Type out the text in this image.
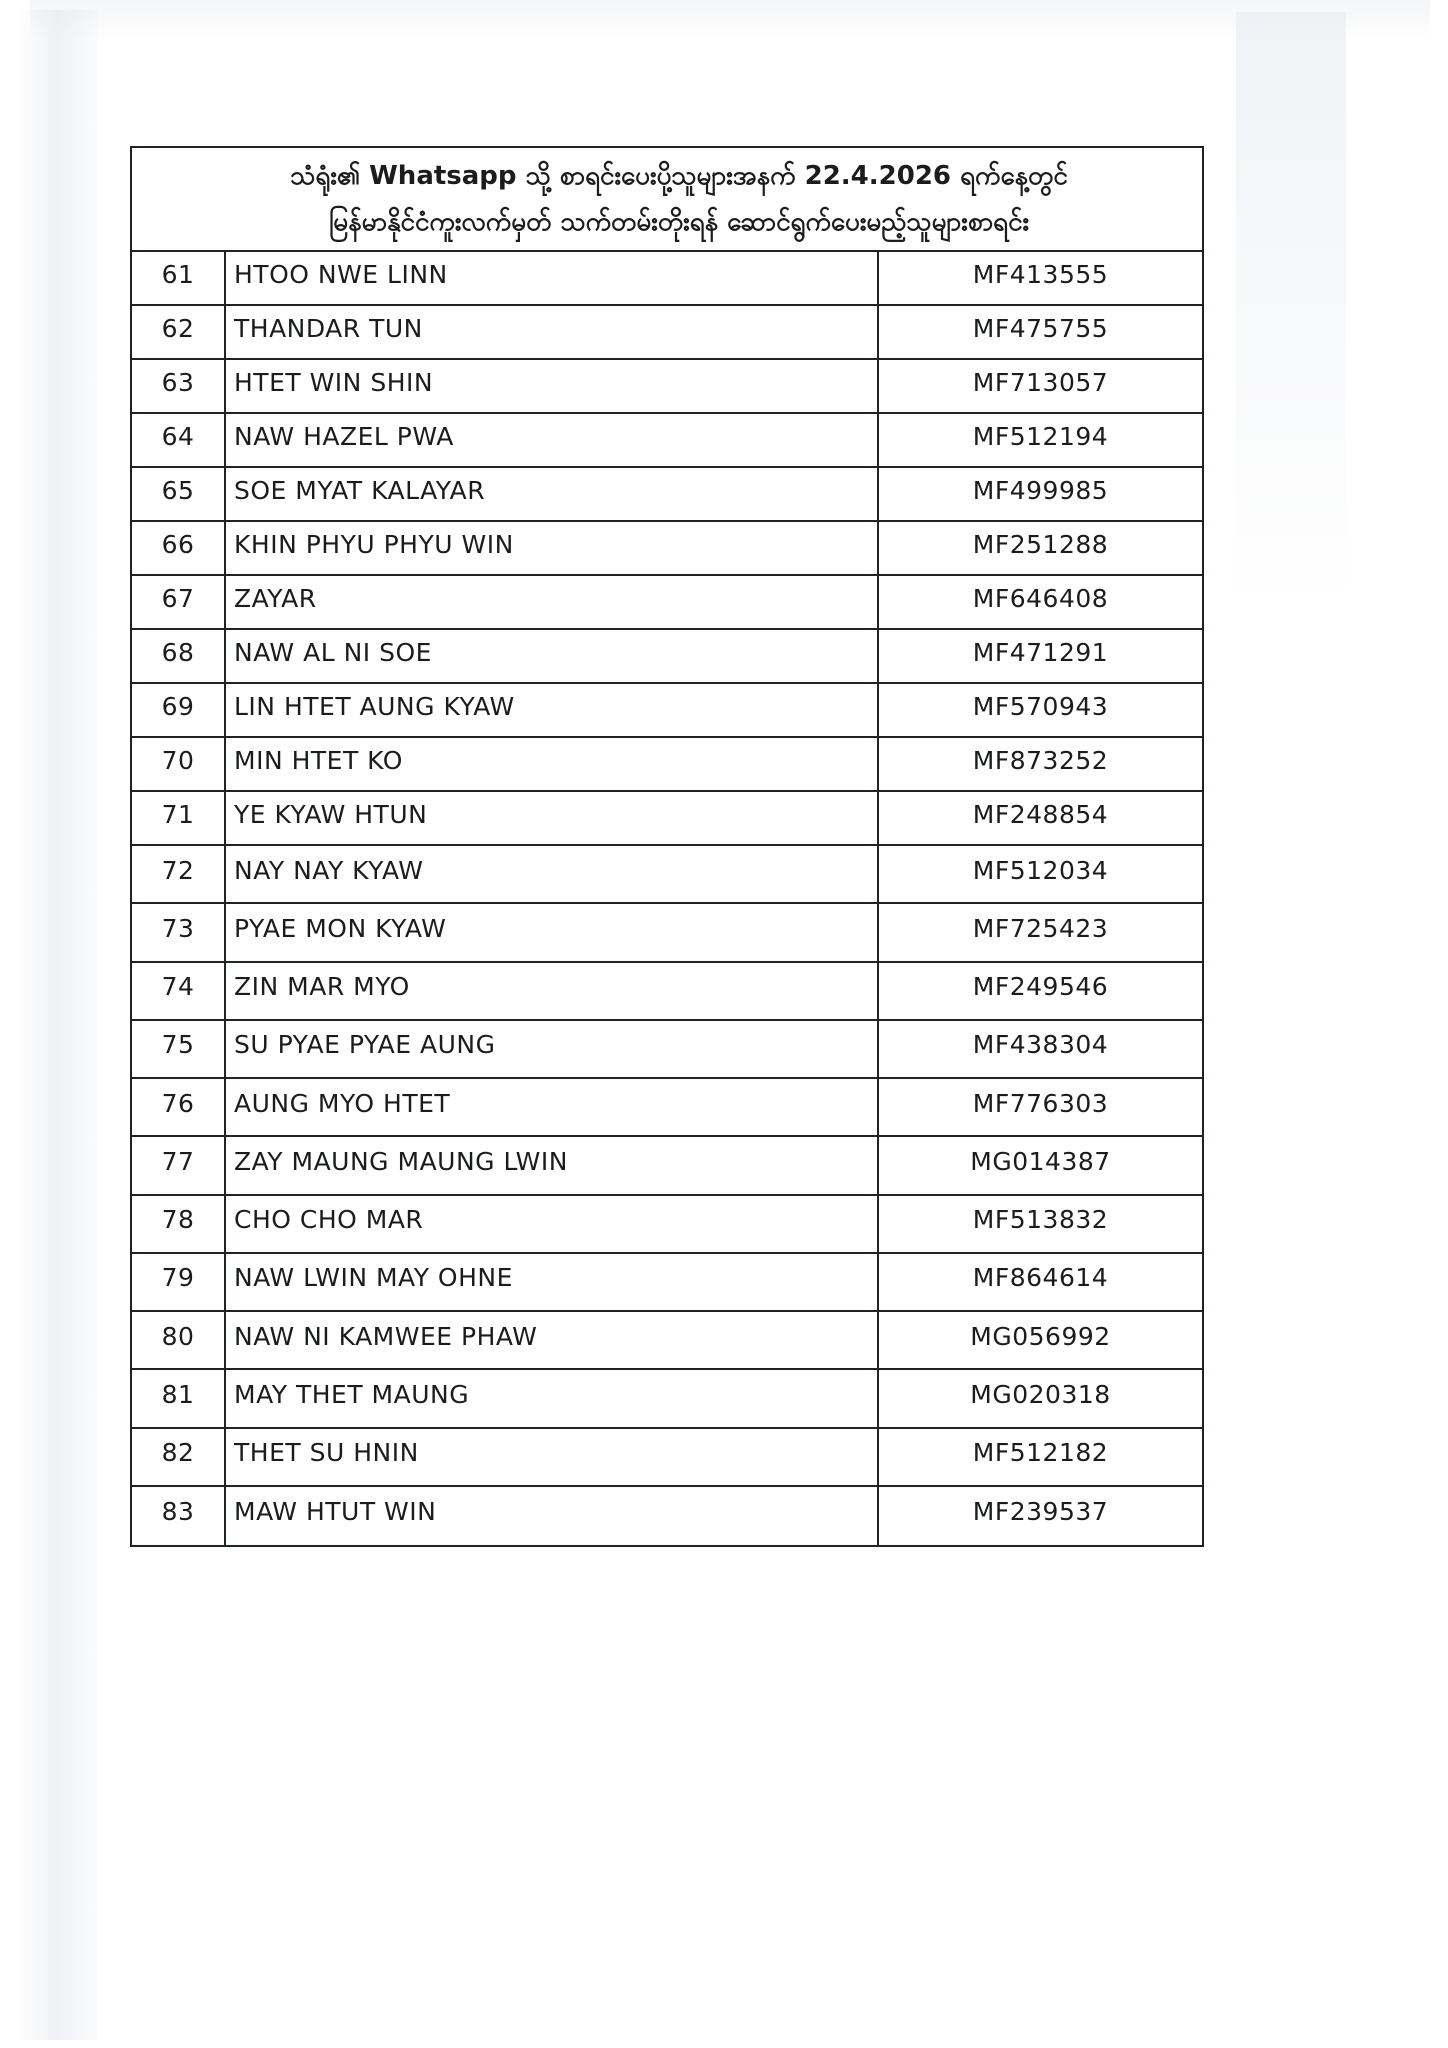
သံရုံး၏ Whatsapp သို့ စာရင်းပေးပို့သူများအနက် 22.4.2026 ရက်နေ့တွင်
မြန်မာနိုင်ငံကူးလက်မှတ် သက်တမ်းတိုးရန် ဆောင်ရွက်ပေးမည့်သူများစာရင်း
61	HTOO NWE LINN	MF413555
62	THANDAR TUN	MF475755
63	HTET WIN SHIN	MF713057
64	NAW HAZEL PWA	MF512194
65	SOE MYAT KALAYAR	MF499985
66	KHIN PHYU PHYU WIN	MF251288
67	ZAYAR	MF646408
68	NAW AL NI SOE	MF471291
69	LIN HTET AUNG KYAW	MF570943
70	MIN HTET KO	MF873252
71	YE KYAW HTUN	MF248854
72	NAY NAY KYAW	MF512034
73	PYAE MON KYAW	MF725423
74	ZIN MAR MYO	MF249546
75	SU PYAE PYAE AUNG	MF438304
76	AUNG MYO HTET	MF776303
77	ZAY MAUNG MAUNG LWIN	MG014387
78	CHO CHO MAR	MF513832
79	NAW LWIN MAY OHNE	MF864614
80	NAW NI KAMWEE PHAW	MG056992
81	MAY THET MAUNG	MG020318
82	THET SU HNIN	MF512182
83	MAW HTUT WIN	MF239537
